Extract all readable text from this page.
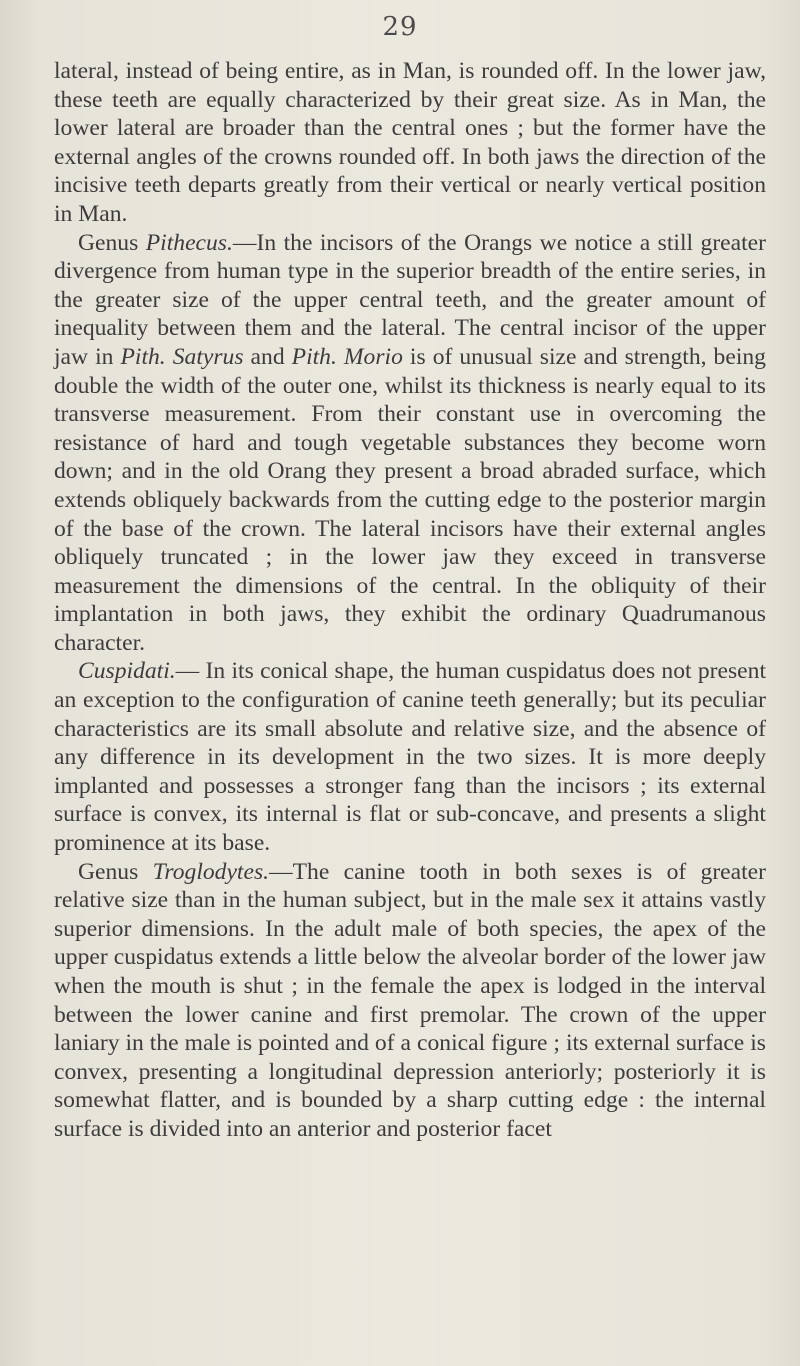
29

lateral, instead of being entire, as in Man, is rounded off. In the lower jaw, these teeth are equally characterized by their great size. As in Man, the lower lateral are broader than the central ones ; but the former have the external angles of the crowns rounded off. In both jaws the direction of the incisive teeth departs greatly from their vertical or nearly vertical position in Man.

Genus Pithecus.—In the incisors of the Orangs we notice a still greater divergence from human type in the superior breadth of the entire series, in the greater size of the upper central teeth, and the greater amount of inequality between them and the lateral. The central incisor of the upper jaw in Pith. Satyrus and Pith. Morio is of unusual size and strength, being double the width of the outer one, whilst its thickness is nearly equal to its transverse measurement. From their constant use in overcoming the resistance of hard and tough vegetable substances they become worn down; and in the old Orang they present a broad abraded surface, which extends obliquely backwards from the cutting edge to the posterior margin of the base of the crown. The lateral incisors have their external angles obliquely truncated ; in the lower jaw they exceed in transverse measurement the dimensions of the central. In the obliquity of their implantation in both jaws, they exhibit the ordinary Quadrumanous character.

Cuspidati.— In its conical shape, the human cuspidatus does not present an exception to the configuration of canine teeth generally; but its peculiar characteristics are its small absolute and relative size, and the absence of any difference in its development in the two sizes. It is more deeply implanted and possesses a stronger fang than the incisors ; its external surface is convex, its internal is flat or sub-concave, and presents a slight prominence at its base.

Genus Troglodytes.—The canine tooth in both sexes is of greater relative size than in the human subject, but in the male sex it attains vastly superior dimensions. In the adult male of both species, the apex of the upper cuspidatus extends a little below the alveolar border of the lower jaw when the mouth is shut ; in the female the apex is lodged in the interval between the lower canine and first premolar. The crown of the upper laniary in the male is pointed and of a conical figure ; its external surface is convex, presenting a longitudinal depression anteriorly; posteriorly it is somewhat flatter, and is bounded by a sharp cutting edge : the internal surface is divided into an anterior and posterior facet
